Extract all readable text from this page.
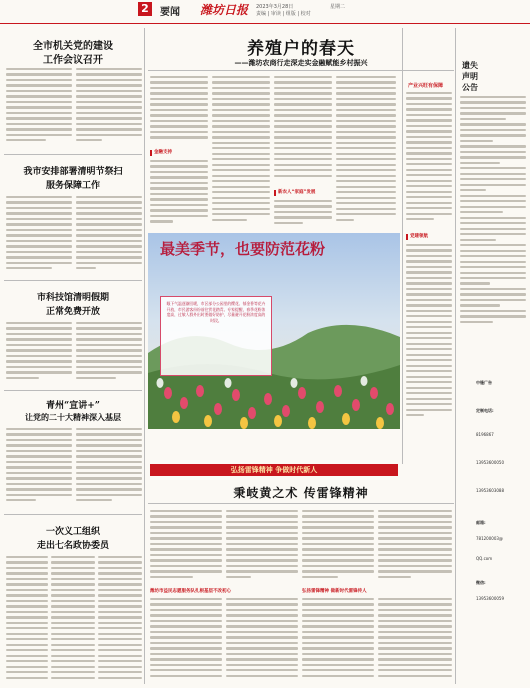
2	要闻 潍坊日报 2023年3月28日
责编 | 审读 | 组版 | 校对
星期二
全市机关党的建设
工作会议召开
我市安排部署清明节祭扫
服务保障工作
市科技馆清明假期
正常免费开放
青州“宣讲+”
让党的二十大精神深入基层
一次义工组织
走出七名政协委员
养殖户的春天
——潍坊农商行走深走实金融赋能乡村振兴
金融支持
新农人“家庭”发展
产业兴旺有保障
最美季节，也要防范花粉
眼下气温逐渐回暖，市区部分公园里的樱花、郁金香等花卉开放，市民游客纷纷前往赏花踏青。专家提醒，春季花粉浓度高，过敏人群外出时要做好防护，尽量避开花粉浓度高的时段。
党建领航
弘扬雷锋精神 争做时代新人
秉岐黄之术 传雷锋精神
潍坊市益民志愿服务队扎根基层不改初心	弘扬雷锋精神 做新时代雷锋传人
遗失
声明
公告
中缝广告
定制电话:
8196867
13953600050
13953603088
邮箱:
781200003@
QQ.com
微信:
13953600059
